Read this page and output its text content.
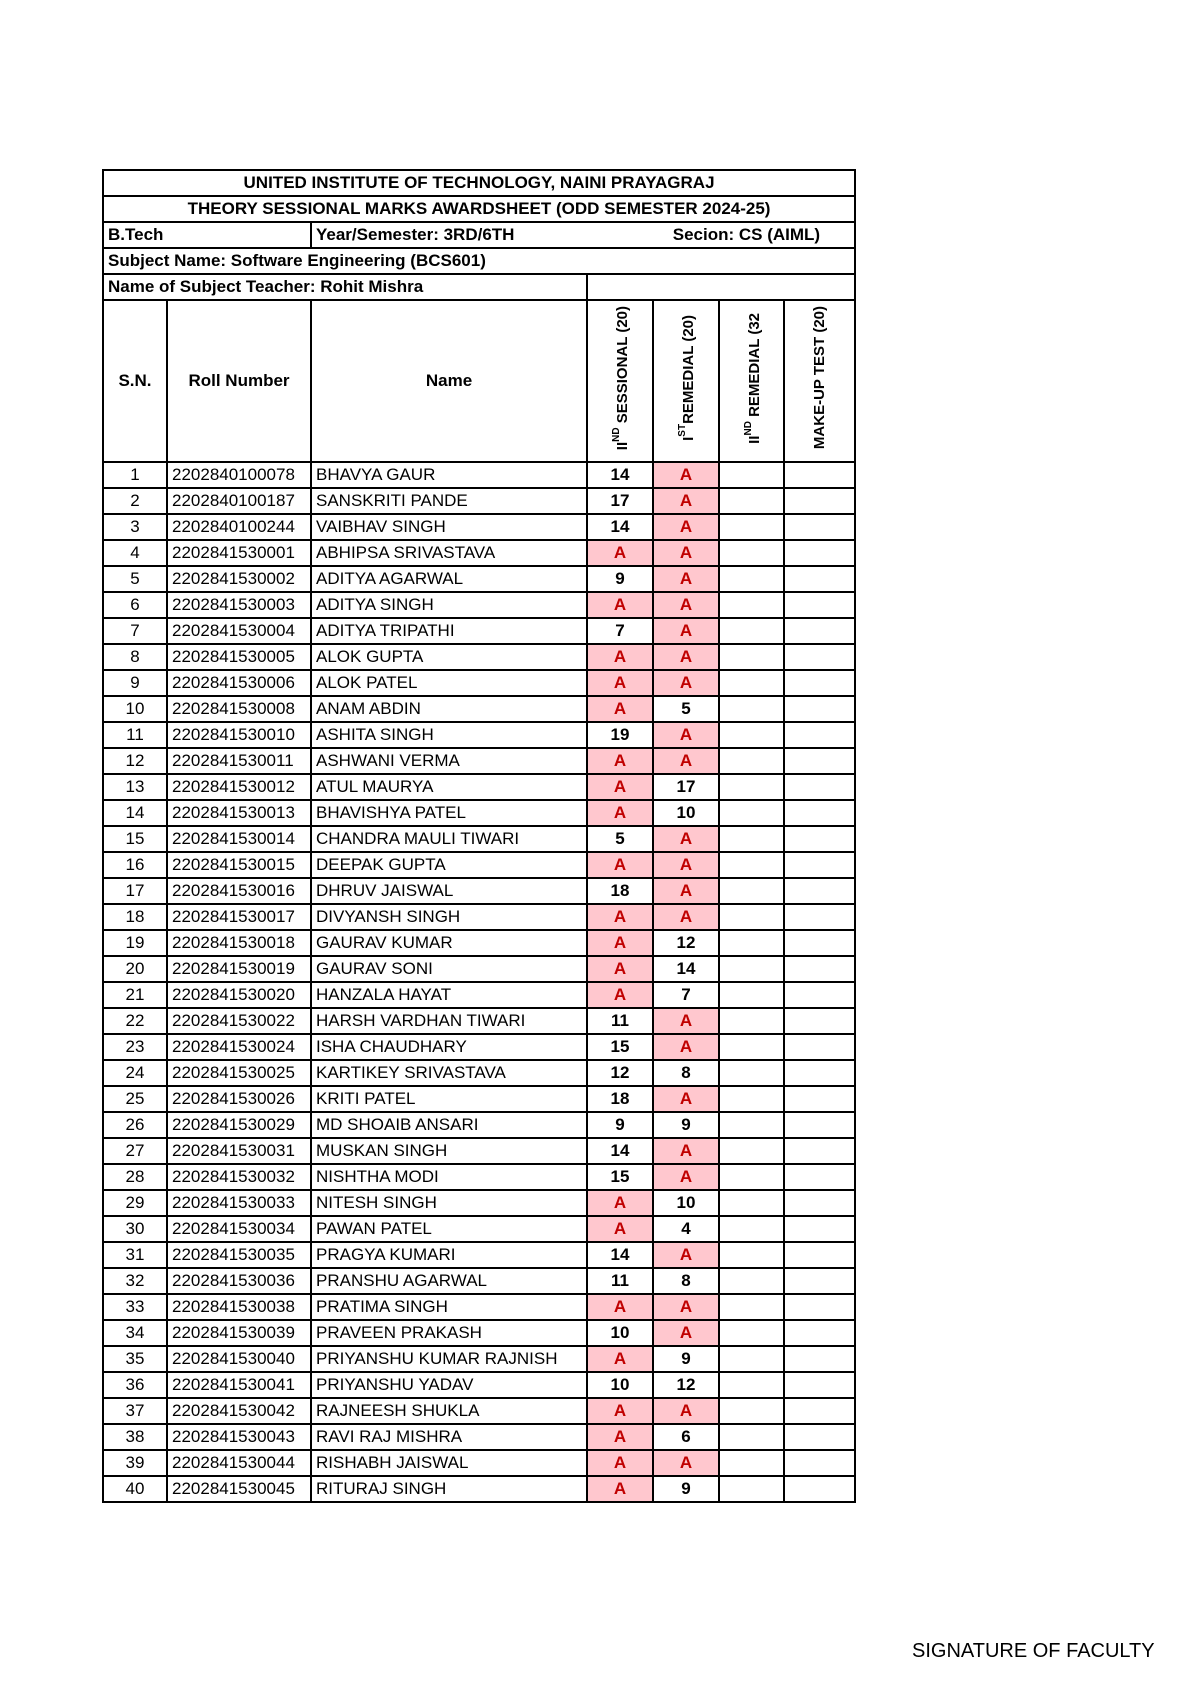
UNITED INSTITUTE OF TECHNOLOGY, NAINI PRAYAGRAJ						
THEORY SESSIONAL MARKS AWARDSHEET (ODD SEMESTER 2024-25)						
B.Tech		Year/Semester: 3RD/6TH Secion: CS (AIML)				

Subject Name: Software Engineering (BCS601)						
Name of Subject Teacher: Rohit Mishra						
S.N.	Roll Number	Name	IIND SESSIONAL (20)	ISTREMEDIAL (20)	IIND REMEDIAL (32	MAKE-UP TEST (20)
1	2202840100078	BHAVYA GAUR	14	A		
2	2202840100187	SANSKRITI PANDE	17	A		
3	2202840100244	VAIBHAV SINGH	14	A		
4	2202841530001	ABHIPSA SRIVASTAVA	A	A		
5	2202841530002	ADITYA AGARWAL	9	A		
6	2202841530003	ADITYA SINGH	A	A		
7	2202841530004	ADITYA TRIPATHI	7	A		
8	2202841530005	ALOK GUPTA	A	A		
9	2202841530006	ALOK PATEL	A	A		
10	2202841530008	ANAM ABDIN	A	5		
11	2202841530010	ASHITA SINGH	19	A		
12	2202841530011	ASHWANI VERMA	A	A		
13	2202841530012	ATUL MAURYA	A	17		
14	2202841530013	BHAVISHYA PATEL	A	10		
15	2202841530014	CHANDRA MAULI TIWARI	5	A		
16	2202841530015	DEEPAK GUPTA	A	A		
17	2202841530016	DHRUV JAISWAL	18	A		
18	2202841530017	DIVYANSH SINGH	A	A		
19	2202841530018	GAURAV KUMAR	A	12		
20	2202841530019	GAURAV SONI	A	14		
21	2202841530020	HANZALA HAYAT	A	7		
22	2202841530022	HARSH VARDHAN TIWARI	11	A		
23	2202841530024	ISHA CHAUDHARY	15	A		
24	2202841530025	KARTIKEY SRIVASTAVA	12	8		
25	2202841530026	KRITI PATEL	18	A		
26	2202841530029	MD SHOAIB ANSARI	9	9		
27	2202841530031	MUSKAN SINGH	14	A		
28	2202841530032	NISHTHA MODI	15	A		
29	2202841530033	NITESH SINGH	A	10		
30	2202841530034	PAWAN PATEL	A	4		
31	2202841530035	PRAGYA KUMARI	14	A		
32	2202841530036	PRANSHU AGARWAL	11	8		
33	2202841530038	PRATIMA SINGH	A	A		
34	2202841530039	PRAVEEN PRAKASH	10	A		
35	2202841530040	PRIYANSHU KUMAR RAJNISH	A	9		
36	2202841530041	PRIYANSHU YADAV	10	12		
37	2202841530042	RAJNEESH SHUKLA	A	A		
38	2202841530043	RAVI RAJ MISHRA	A	6		
39	2202841530044	RISHABH JAISWAL	A	A		
40	2202841530045	RITURAJ SINGH	A	9		
SIGNATURE OF FACULTY
